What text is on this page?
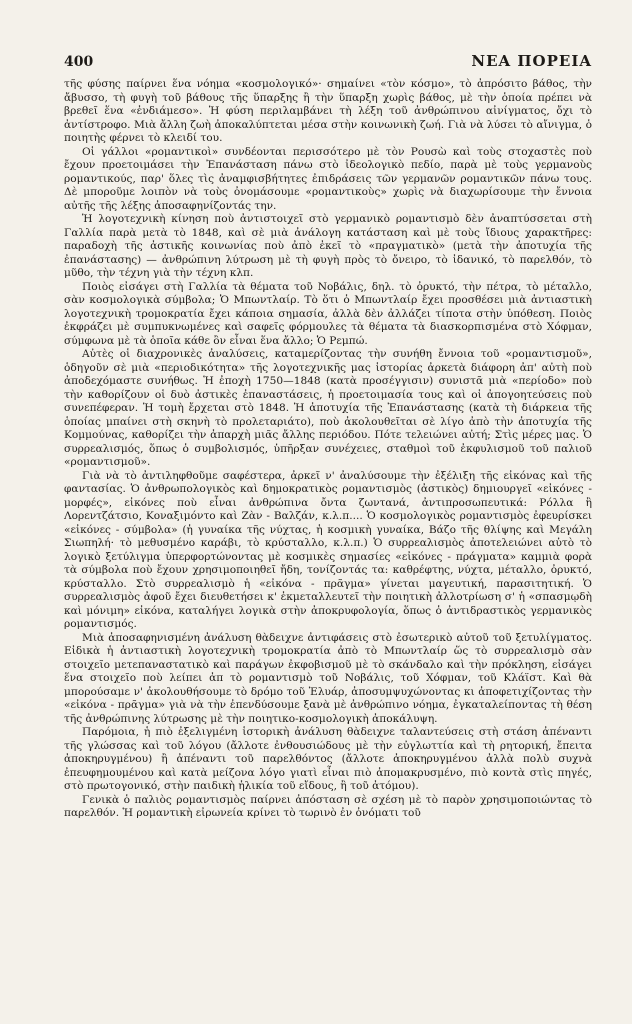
400	ΝΕΑ ΠΟΡΕΙΑ

τῆς φύσης παίρνει ἕνα νόημα «κοσμολογικό»· σημαίνει «τὸν κόσμο», τὸ ἀπρόσιτο βάθος, τὴν ἄβυσσο, τὴ φυγὴ τοῦ βάθους τῆς ὕπαρξης ἢ τὴν ὕπαρξη χωρὶς βάθος, μὲ τὴν ὁποία πρέπει νὰ βρεθεῖ ἕνα «ἐνδιάμεσο». Ἡ φύση περιλαμβάνει τὴ λέξη τοῦ ἀνθρώπινου αἰνίγματος, ὄχι τὸ ἀντίστροφο. Μιὰ ἄλλη ζωὴ ἀποκαλύπτεται μέσα στὴν κοινωνικὴ ζωή. Γιὰ νὰ λύσει τὸ αἴνιγμα, ὁ ποιητὴς φέρνει τὸ κλειδί του.

Οἱ γάλλοι «ρομαντικοὶ» συνδέονται περισσότερο μὲ τὸν Ρουσὼ καὶ τοὺς στοχαστὲς ποὺ ἔχουν προετοιμάσει τὴν Ἐπανάσταση πάνω στὸ ἰδεολογικὸ πεδίο, παρὰ μὲ τοὺς γερμανοὺς ρομαντικούς, παρ' ὅλες τὶς ἀναμφισβήτητες ἐπιδράσεις τῶν γερμανῶν ρομαντικῶν πάνω τους. Δὲ μποροῦμε λοιπὸν νὰ τοὺς ὀνομάσουμε «ρομαντικοὺς» χωρὶς νὰ διαχωρίσουμε τὴν ἔννοια αὐτῆς τῆς λέξης ἀποσαφηνίζοντάς την.

Ἡ λογοτεχνικὴ κίνηση ποὺ ἀντιστοιχεῖ στὸ γερμανικὸ ρομαντισμὸ δὲν ἀναπτύσσεται στὴ Γαλλία παρὰ μετὰ τὸ 1848, καὶ σὲ μιὰ ἀνάλογη κατάσταση καὶ μὲ τοὺς ἴδιους χαρακτῆρες: παραδοχὴ τῆς ἀστικῆς κοινωνίας ποὺ ἀπὸ ἐκεῖ τὸ «πραγματικὸ» (μετὰ τὴν ἀποτυχία τῆς ἐπανάστασης) — ἀνθρώπινη λύτρωση μὲ τὴ φυγὴ πρὸς τὸ ὄνειρο, τὸ ἰδανικό, τὸ παρελθόν, τὸ μῦθο, τὴν τέχνη γιὰ τὴν τέχνη κλπ.

Ποιὸς εἰσάγει στὴ Γαλλία τὰ θέματα τοῦ Νοβάλις, δηλ. τὸ ὀρυκτό, τὴν πέτρα, τὸ μέταλλο, σὰν κοσμολογικὰ σύμβολα; Ὁ Μπωντλαίρ. Τὸ ὅτι ὁ Μπωντλαίρ ἔχει προσθέσει μιὰ ἀντιαστικὴ λογοτεχνικὴ τρομοκρατία ἔχει κάποια σημασία, ἀλλὰ δὲν ἀλλάζει τίποτα στὴν ὑπόθεση. Ποιὸς ἐκφράζει μὲ συμπυκνωμένες καὶ σαφεῖς φόρμουλες τὰ θέματα τὰ διασκορπισμένα στὸ Χόφμαν, σύμφωνα μὲ τὰ ὁποῖα κάθε ὂν εἶναι ἕνα ἄλλο; Ὁ Ρεμπώ.

Αὐτὲς οἱ διαχρονικὲς ἀναλύσεις, καταμερίζοντας τὴν συνήθη ἔννοια τοῦ «ρομαντισμοῦ», ὁδηγοῦν σὲ μιὰ «περιοδικότητα» τῆς λογοτεχνικῆς μας ἱστορίας ἀρκετὰ διάφορη ἀπ' αὐτὴ ποὺ ἀποδεχόμαστε συνήθως. Ἡ ἐποχὴ 1750—1848 (κατὰ προσέγγισιν) συνιστᾶ μιὰ «περίοδο» ποὺ τὴν καθορίζουν οἱ δυὸ ἀστικὲς ἐπαναστάσεις, ἡ προετοιμασία τους καὶ οἱ ἀπογοητεύσεις ποὺ συνεπέφεραν. Ἡ τομὴ ἔρχεται στὸ 1848. Ἡ ἀποτυχία τῆς Ἐπανάστασης (κατὰ τὴ διάρκεια τῆς ὁποίας μπαίνει στὴ σκηνὴ τὸ προλεταριάτο), ποὺ ἀκολουθεῖται σὲ λίγο ἀπὸ τὴν ἀποτυχία τῆς Κομμούνας, καθορίζει τὴν ἀπαρχὴ μιᾶς ἄλλης περιόδου. Πότε τελειώνει αὐτή; Στὶς μέρες μας. Ὁ συρρεαλισμός, ὅπως ὁ συμβολισμός, ὑπῆρξαν συνέχειες, σταθμοὶ τοῦ ἐκφυλισμοῦ τοῦ παλιοῦ «ρομαντισμοῦ».

Γιὰ νὰ τὸ ἀντιληφθοῦμε σαφέστερα, ἀρκεῖ ν' ἀναλύσουμε τὴν ἐξέλιξη τῆς εἰκόνας καὶ τῆς φαντασίας. Ὁ ἀνθρωπολογικὸς καὶ δημοκρατικὸς ρομαντισμὸς (ἀστικὸς) δημιουργεῖ «εἰκόνες - μορφές», εἰκόνες ποὺ εἶναι ἀνθρώπινα ὄντα ζωντανά, ἀντιπροσωπευτικά: Ρόλλα ἢ Λορεντζάτσιο, Κοναξιμόντο καὶ Ζὰν - Βαλζάν, κ.λ.π.... Ὁ κοσμολογικὸς ρομαντισμὸς ἐφευρίσκει «εἰκόνες - σύμβολα» (ἡ γυναίκα τῆς νύχτας, ἡ κοσμικὴ γυναίκα, Βάζο τῆς θλίψης καὶ Μεγάλη Σιωπηλή· τὸ μεθυσμένο καράβι, τὸ κρύσταλλο, κ.λ.π.) Ὁ συρρεαλισμὸς ἀποτελειώνει αὐτὸ τὸ λογικὸ ξετύλιγμα ὑπερφορτώνοντας μὲ κοσμικὲς σημασίες «εἰκόνες - πράγματα» καμμιὰ φορὰ τὰ σύμβολα ποὺ ἔχουν χρησιμοποιηθεῖ ἤδη, τονίζοντάς τα: καθρέφτης, νύχτα, μέταλλο, ὀρυκτό, κρύσταλλο. Στὸ συρρεαλισμὸ ἡ «εἰκόνα - πρᾶγμα» γίνεται μαγευτική, παρασιτητική. Ὁ συρρεαλισμὸς ἀφοῦ ἔχει διευθετήσει κ' ἐκμεταλλευτεῖ τὴν ποιητικὴ ἀλλοτρίωση σ' ἡ «σπασμῳδὴ καὶ μόνιμη» εἰκόνα, καταλήγει λογικὰ στὴν ἀποκρυφολογία, ὅπως ὁ ἀντιδραστικὸς γερμανικὸς ρομαντισμός.

Μιὰ ἀποσαφηνισμένη ἀνάλυση θὰδειχνε ἀντιφάσεις στὸ ἐσωτερικὸ αὐτοῦ τοῦ ξετυλίγματος. Εἰδικὰ ἡ ἀντιαστικὴ λογοτεχνικὴ τρομοκρατία ἀπὸ τὸ Μπωντλαίρ ὥς τὸ συρρεαλισμὸ σὰν στοιχεῖο μετεπαναστατικὸ καὶ παράγων ἐκφοβισμοῦ μὲ τὸ σκάνδαλο καὶ τὴν πρόκληση, εἰσάγει ἕνα στοιχεῖο ποὺ λείπει ἀπ τὸ ρομαντισμὸ τοῦ Νοβάλις, τοῦ Χόφμαν, τοῦ Κλάϊστ. Καὶ θὰ μπορούσαμε ν' ἀκολουθήσουμε τὸ δρόμο τοῦ Ἐλυάρ, ἀποσυμψυχώνοντας κι ἀποφετιχίζοντας τὴν «εἰκόνα - πρᾶγμα» γιὰ νὰ τὴν ἐπενδύσουμε ξανὰ μὲ ἀνθρώπινο νόημα, ἐγκαταλείποντας τὴ θέση τῆς ἀνθρώπινης λύτρωσης μὲ τὴν ποιητικο-κοσμολογικὴ ἀποκάλυψη.

Παρόμοια, ἡ πιὸ ἐξελιγμένη ἱστορικὴ ἀνάλυση θὰδειχνε ταλαντεύσεις στὴ στάση ἀπέναντι τῆς γλώσσας καὶ τοῦ λόγου (ἄλλοτε ἐνθουσιώδους μὲ τὴν εὐγλωττία καὶ τὴ ρητορική, ἔπειτα ἀποκηρυγμένου) ἢ ἀπέναντι τοῦ παρελθόντος (ἄλλοτε ἀποκηρυγμένου ἀλλὰ πολὺ συχνὰ ἐπευφημουμένου καὶ κατὰ μείζονα λόγο γιατὶ εἶναι πιὸ ἀπομακρυσμένο, πιὸ κοντὰ στὶς πηγές, στὸ πρωτογονικό, στὴν παιδικὴ ἡλικία τοῦ εἴδους, ἢ τοῦ ἀτόμου).

Γενικὰ ὁ παλιὸς ρομαντισμὸς παίρνει ἀπόσταση σὲ σχέση μὲ τὸ παρὸν χρησιμοποιώντας τὸ παρελθόν. Ἡ ρομαντικὴ εἰρωνεία κρίνει τὸ τωρινὸ ἐν ὀνόματι τοῦ
